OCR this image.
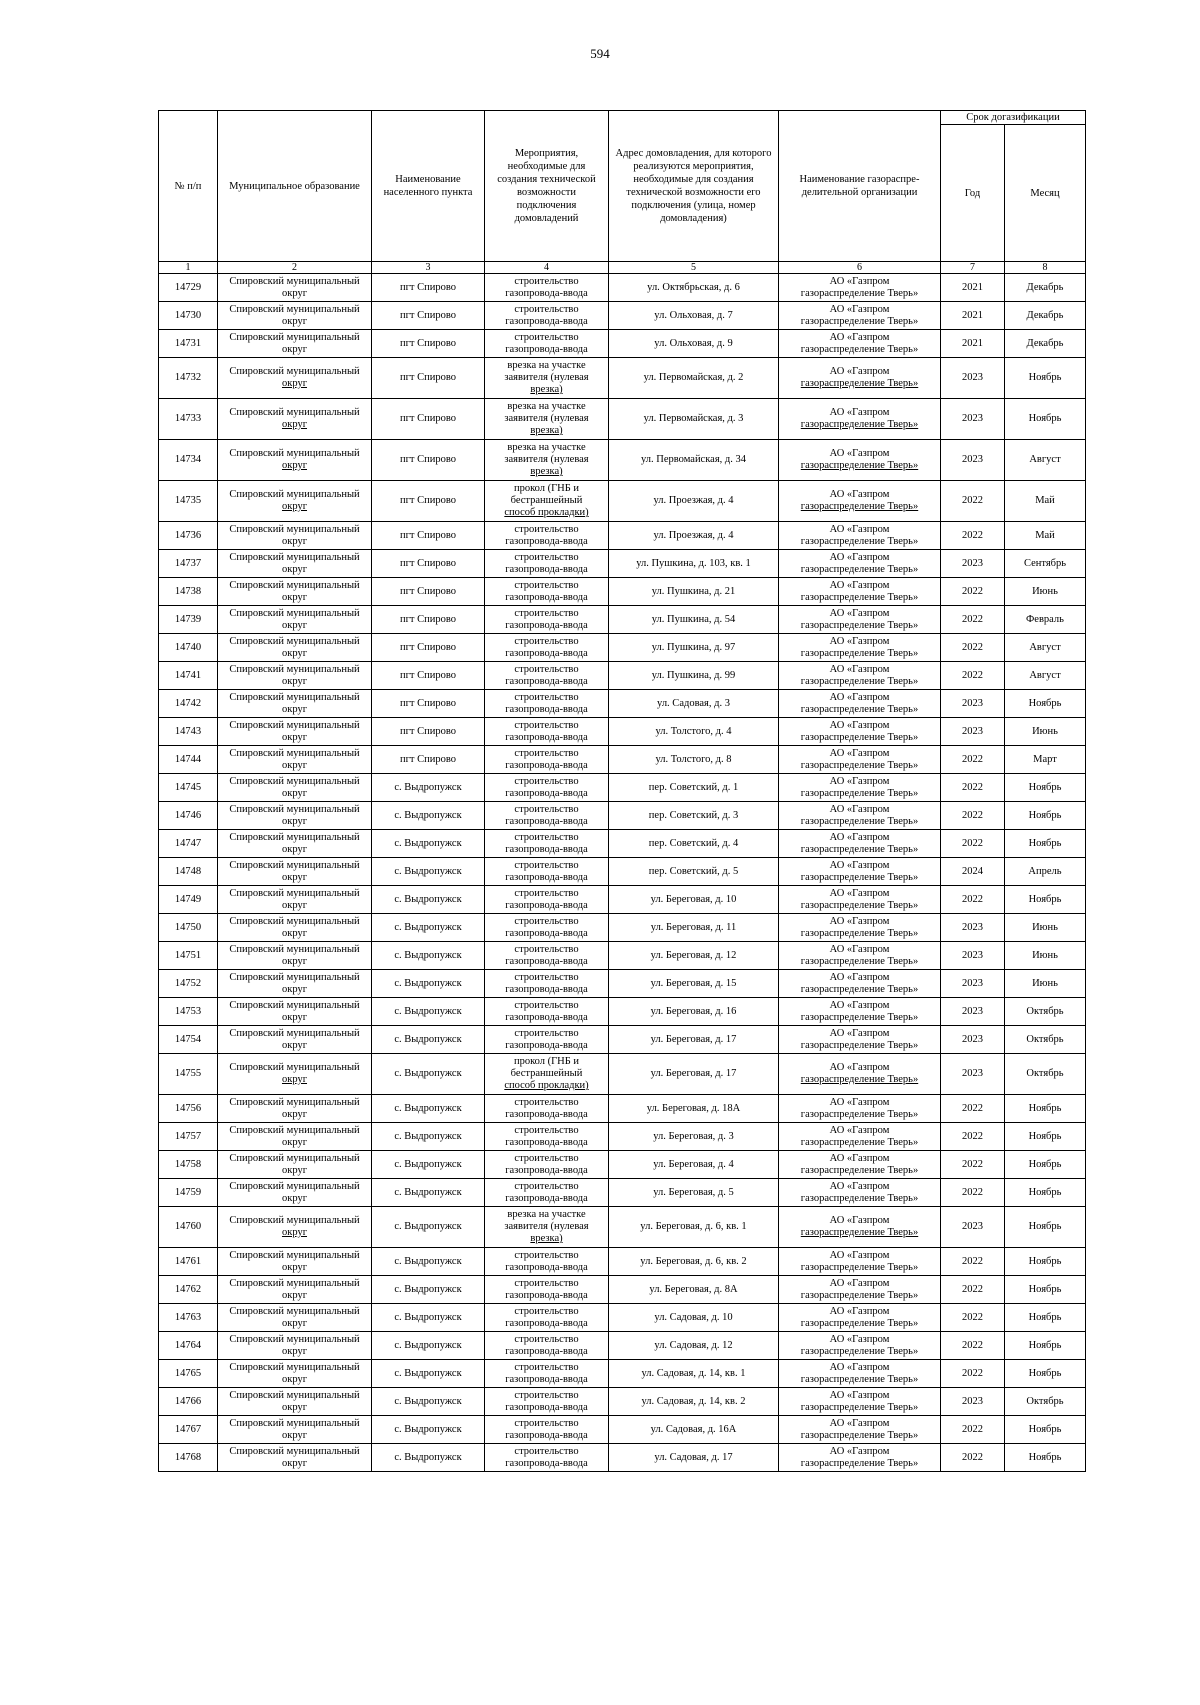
594
№ п/п	Муниципальное образование	Наименование населенного пункта	Мероприятия, необходимые для создания технической возможности подключения домовладений	Адрес домовладения, для которого реализуются мероприятия, необходимые для создания технической возможности его подключения (улица, номер домовладения)	Наименование газораспре-делительной организации	Срок догазификации	
						Год	Месяц
1	2	3	4	5	6	7	8
14729	Спировский муниципальный
округ	пгт Спирово	строительство
газопровода-ввода	ул. Октябрьская, д. 6	АО «Газпром
газораспределение Тверь»	2021	Декабрь
14730	Спировский муниципальный
округ	пгт Спирово	строительство
газопровода-ввода	ул. Ольховая, д. 7	АО «Газпром
газораспределение Тверь»	2021	Декабрь
14731	Спировский муниципальный
округ	пгт Спирово	строительство
газопровода-ввода	ул. Ольховая, д. 9	АО «Газпром
газораспределение Тверь»	2021	Декабрь
14732	Спировский муниципальный
округ	пгт Спирово	врезка на участке
заявителя (нулевая
врезка)	ул. Первомайская, д. 2	АО «Газпром
газораспределение Тверь»	2023	Ноябрь
14733	Спировский муниципальный
округ	пгт Спирово	врезка на участке
заявителя (нулевая
врезка)	ул. Первомайская, д. 3	АО «Газпром
газораспределение Тверь»	2023	Ноябрь
14734	Спировский муниципальный
округ	пгт Спирово	врезка на участке
заявителя (нулевая
врезка)	ул. Первомайская, д. 34	АО «Газпром
газораспределение Тверь»	2023	Август
14735	Спировский муниципальный
округ	пгт Спирово	прокол (ГНБ и
бестраншейный
способ прокладки)	ул. Проезжая, д. 4	АО «Газпром
газораспределение Тверь»	2022	Май
14736	Спировский муниципальный
округ	пгт Спирово	строительство
газопровода-ввода	ул. Проезжая, д. 4	АО «Газпром
газораспределение Тверь»	2022	Май
14737	Спировский муниципальный
округ	пгт Спирово	строительство
газопровода-ввода	ул. Пушкина, д. 103, кв. 1	АО «Газпром
газораспределение Тверь»	2023	Сентябрь
14738	Спировский муниципальный
округ	пгт Спирово	строительство
газопровода-ввода	ул. Пушкина, д. 21	АО «Газпром
газораспределение Тверь»	2022	Июнь
14739	Спировский муниципальный
округ	пгт Спирово	строительство
газопровода-ввода	ул. Пушкина, д. 54	АО «Газпром
газораспределение Тверь»	2022	Февраль
14740	Спировский муниципальный
округ	пгт Спирово	строительство
газопровода-ввода	ул. Пушкина, д. 97	АО «Газпром
газораспределение Тверь»	2022	Август
14741	Спировский муниципальный
округ	пгт Спирово	строительство
газопровода-ввода	ул. Пушкина, д. 99	АО «Газпром
газораспределение Тверь»	2022	Август
14742	Спировский муниципальный
округ	пгт Спирово	строительство
газопровода-ввода	ул. Садовая, д. 3	АО «Газпром
газораспределение Тверь»	2023	Ноябрь
14743	Спировский муниципальный
округ	пгт Спирово	строительство
газопровода-ввода	ул. Толстого, д. 4	АО «Газпром
газораспределение Тверь»	2023	Июнь
14744	Спировский муниципальный
округ	пгт Спирово	строительство
газопровода-ввода	ул. Толстого, д. 8	АО «Газпром
газораспределение Тверь»	2022	Март
14745	Спировский муниципальный
округ	с. Выдропужск	строительство
газопровода-ввода	пер. Советский, д. 1	АО «Газпром
газораспределение Тверь»	2022	Ноябрь
14746	Спировский муниципальный
округ	с. Выдропужск	строительство
газопровода-ввода	пер. Советский, д. 3	АО «Газпром
газораспределение Тверь»	2022	Ноябрь
14747	Спировский муниципальный
округ	с. Выдропужск	строительство
газопровода-ввода	пер. Советский, д. 4	АО «Газпром
газораспределение Тверь»	2022	Ноябрь
14748	Спировский муниципальный
округ	с. Выдропужск	строительство
газопровода-ввода	пер. Советский, д. 5	АО «Газпром
газораспределение Тверь»	2024	Апрель
14749	Спировский муниципальный
округ	с. Выдропужск	строительство
газопровода-ввода	ул. Береговая, д. 10	АО «Газпром
газораспределение Тверь»	2022	Ноябрь
14750	Спировский муниципальный
округ	с. Выдропужск	строительство
газопровода-ввода	ул. Береговая, д. 11	АО «Газпром
газораспределение Тверь»	2023	Июнь
14751	Спировский муниципальный
округ	с. Выдропужск	строительство
газопровода-ввода	ул. Береговая, д. 12	АО «Газпром
газораспределение Тверь»	2023	Июнь
14752	Спировский муниципальный
округ	с. Выдропужск	строительство
газопровода-ввода	ул. Береговая, д. 15	АО «Газпром
газораспределение Тверь»	2023	Июнь
14753	Спировский муниципальный
округ	с. Выдропужск	строительство
газопровода-ввода	ул. Береговая, д. 16	АО «Газпром
газораспределение Тверь»	2023	Октябрь
14754	Спировский муниципальный
округ	с. Выдропужск	строительство
газопровода-ввода	ул. Береговая, д. 17	АО «Газпром
газораспределение Тверь»	2023	Октябрь
14755	Спировский муниципальный
округ	с. Выдропужск	прокол (ГНБ и
бестраншейный
способ прокладки)	ул. Береговая, д. 17	АО «Газпром
газораспределение Тверь»	2023	Октябрь
14756	Спировский муниципальный
округ	с. Выдропужск	строительство
газопровода-ввода	ул. Береговая, д. 18А	АО «Газпром
газораспределение Тверь»	2022	Ноябрь
14757	Спировский муниципальный
округ	с. Выдропужск	строительство
газопровода-ввода	ул. Береговая, д. 3	АО «Газпром
газораспределение Тверь»	2022	Ноябрь
14758	Спировский муниципальный
округ	с. Выдропужск	строительство
газопровода-ввода	ул. Береговая, д. 4	АО «Газпром
газораспределение Тверь»	2022	Ноябрь
14759	Спировский муниципальный
округ	с. Выдропужск	строительство
газопровода-ввода	ул. Береговая, д. 5	АО «Газпром
газораспределение Тверь»	2022	Ноябрь
14760	Спировский муниципальный
округ	с. Выдропужск	врезка на участке
заявителя (нулевая
врезка)	ул. Береговая, д. 6, кв. 1	АО «Газпром
газораспределение Тверь»	2023	Ноябрь
14761	Спировский муниципальный
округ	с. Выдропужск	строительство
газопровода-ввода	ул. Береговая, д. 6, кв. 2	АО «Газпром
газораспределение Тверь»	2022	Ноябрь
14762	Спировский муниципальный
округ	с. Выдропужск	строительство
газопровода-ввода	ул. Береговая, д. 8А	АО «Газпром
газораспределение Тверь»	2022	Ноябрь
14763	Спировский муниципальный
округ	с. Выдропужск	строительство
газопровода-ввода	ул. Садовая, д. 10	АО «Газпром
газораспределение Тверь»	2022	Ноябрь
14764	Спировский муниципальный
округ	с. Выдропужск	строительство
газопровода-ввода	ул. Садовая, д. 12	АО «Газпром
газораспределение Тверь»	2022	Ноябрь
14765	Спировский муниципальный
округ	с. Выдропужск	строительство
газопровода-ввода	ул. Садовая, д. 14, кв. 1	АО «Газпром
газораспределение Тверь»	2022	Ноябрь
14766	Спировский муниципальный
округ	с. Выдропужск	строительство
газопровода-ввода	ул. Садовая, д. 14, кв. 2	АО «Газпром
газораспределение Тверь»	2023	Октябрь
14767	Спировский муниципальный
округ	с. Выдропужск	строительство
газопровода-ввода	ул. Садовая, д. 16А	АО «Газпром
газораспределение Тверь»	2022	Ноябрь
14768	Спировский муниципальный
округ	с. Выдропужск	строительство
газопровода-ввода	ул. Садовая, д. 17	АО «Газпром
газораспределение Тверь»	2022	Ноябрь
